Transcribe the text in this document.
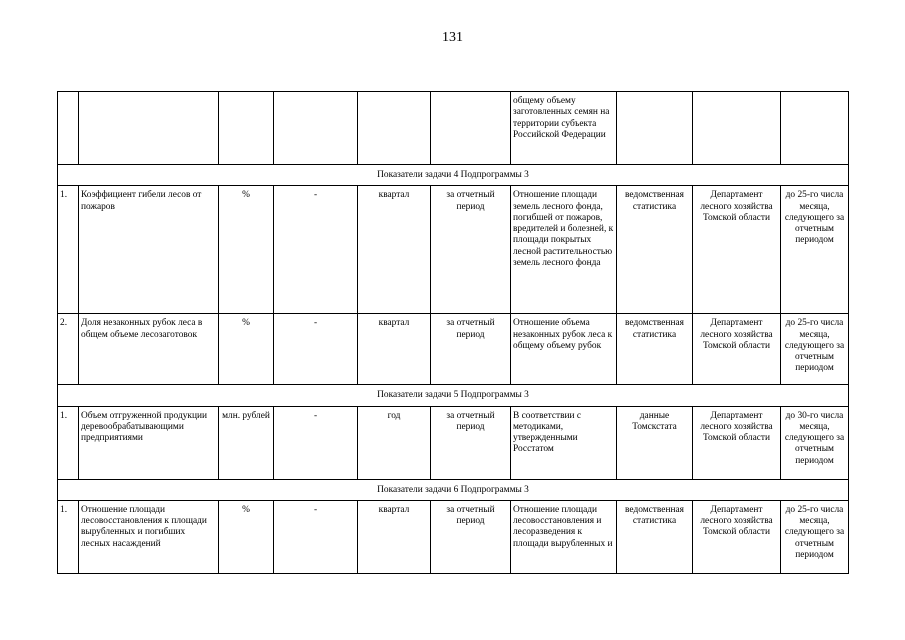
131
						общему объему заготовленных семян на территории субъекта Российской Федерации			
Показатели задачи 4 Подпрограммы 3									
1.	Коэффициент гибели лесов от пожаров	%	-	квартал	за отчетный период	Отношение площади земель лесного фонда, погибшей от пожаров, вредителей и болезней, к площади покрытых лесной растительностью земель лесного фонда	ведомственная статистика	Департамент лесного хозяйства Томской области	до 25-го числа месяца, следующего за отчетным периодом
2.	Доля незаконных рубок леса в общем объеме лесозаготовок	%	-	квартал	за отчетный период	Отношение объема незаконных рубок леса к общему объему рубок	ведомственная статистика	Департамент лесного хозяйства Томской области	до 25-го числа месяца, следующего за отчетным периодом
Показатели задачи 5 Подпрограммы 3									
1.	Объем отгруженной продукции деревообрабатывающими предприятиями	млн. рублей	-	год	за отчетный период	В соответствии с методиками, утвержденными Росстатом	данные Томскстата	Департамент лесного хозяйства Томской области	до 30-го числа месяца, следующего за отчетным периодом
Показатели задачи 6 Подпрограммы 3									
1.	Отношение площади лесовосстановления к площади вырубленных и погибших лесных насаждений	%	-	квартал	за отчетный период	Отношение площади лесовосстановления и лесоразведения к площади вырубленных и	ведомственная статистика	Департамент лесного хозяйства Томской области	до 25-го числа месяца, следующего за отчетным периодом
